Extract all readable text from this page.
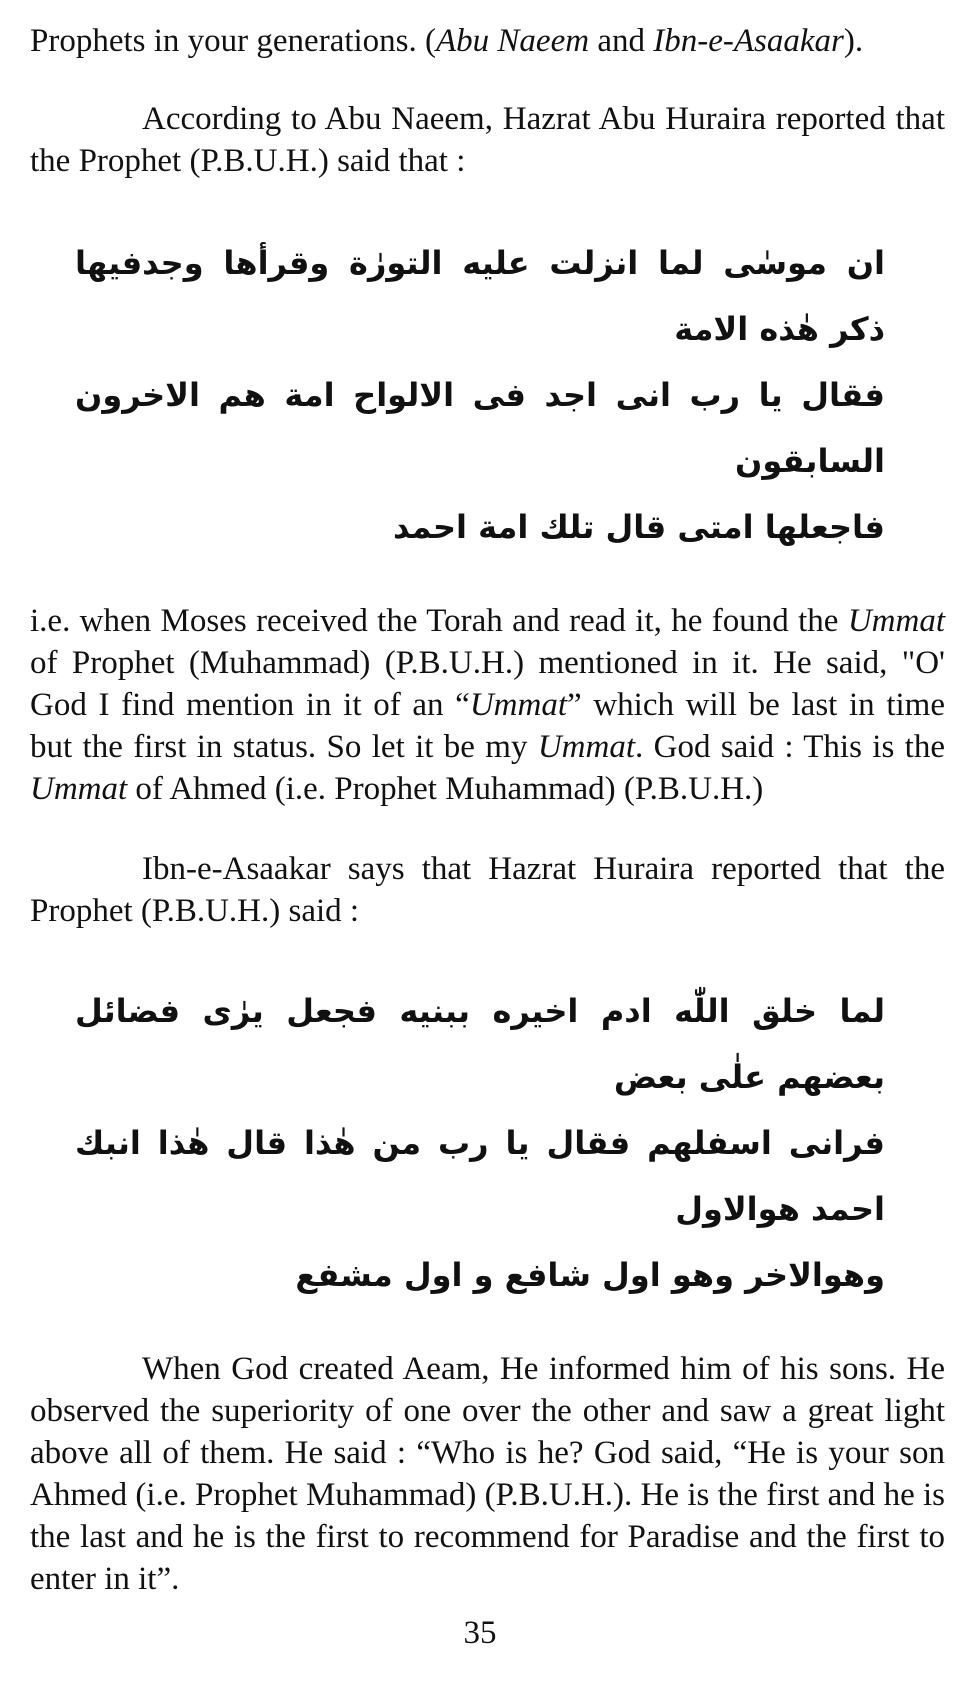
Prophets in your generations. (Abu Naeem and Ibn-e-Asaakar).

According to Abu Naeem, Hazrat Abu Huraira reported that the Prophet (P.B.U.H.) said that :

ان موسٰی لما انزلت علیه التورٰة وقرأها وجدفیها ذکر هٰذه الامة
فقال یا رب انی اجد فی الالواح امة هم الاخرون السابقون
فاجعلها امتی قال تلك امة احمد

i.e. when Moses received the Torah and read it, he found the Ummat of Prophet (Muhammad) (P.B.U.H.) mentioned in it. He said, "O' God I find mention in it of an “Ummat” which will be last in time but the first in status. So let it be my Ummat. God said : This is the Ummat of Ahmed (i.e. Prophet Muhammad) (P.B.U.H.)

Ibn-e-Asaakar says that Hazrat Huraira reported that the Prophet (P.B.U.H.) said :

لما خلق اللّٰه ادم اخیره ببنیه فجعل یرٰی فضائل بعضهم علٰی بعض
فرانی اسفلهم فقال یا رب من هٰذا قال هٰذا انبك احمد هوالاول
وهوالاخر وهو اول شافع و اول مشفع

When God created Aeam, He informed him of his sons. He observed the superiority of one over the other and saw a great light above all of them. He said : “Who is he? God said, “He is your son Ahmed (i.e. Prophet Muhammad) (P.B.U.H.). He is the first and he is the last and he is the first to recommend for Paradise and the first to enter in it”.

35
